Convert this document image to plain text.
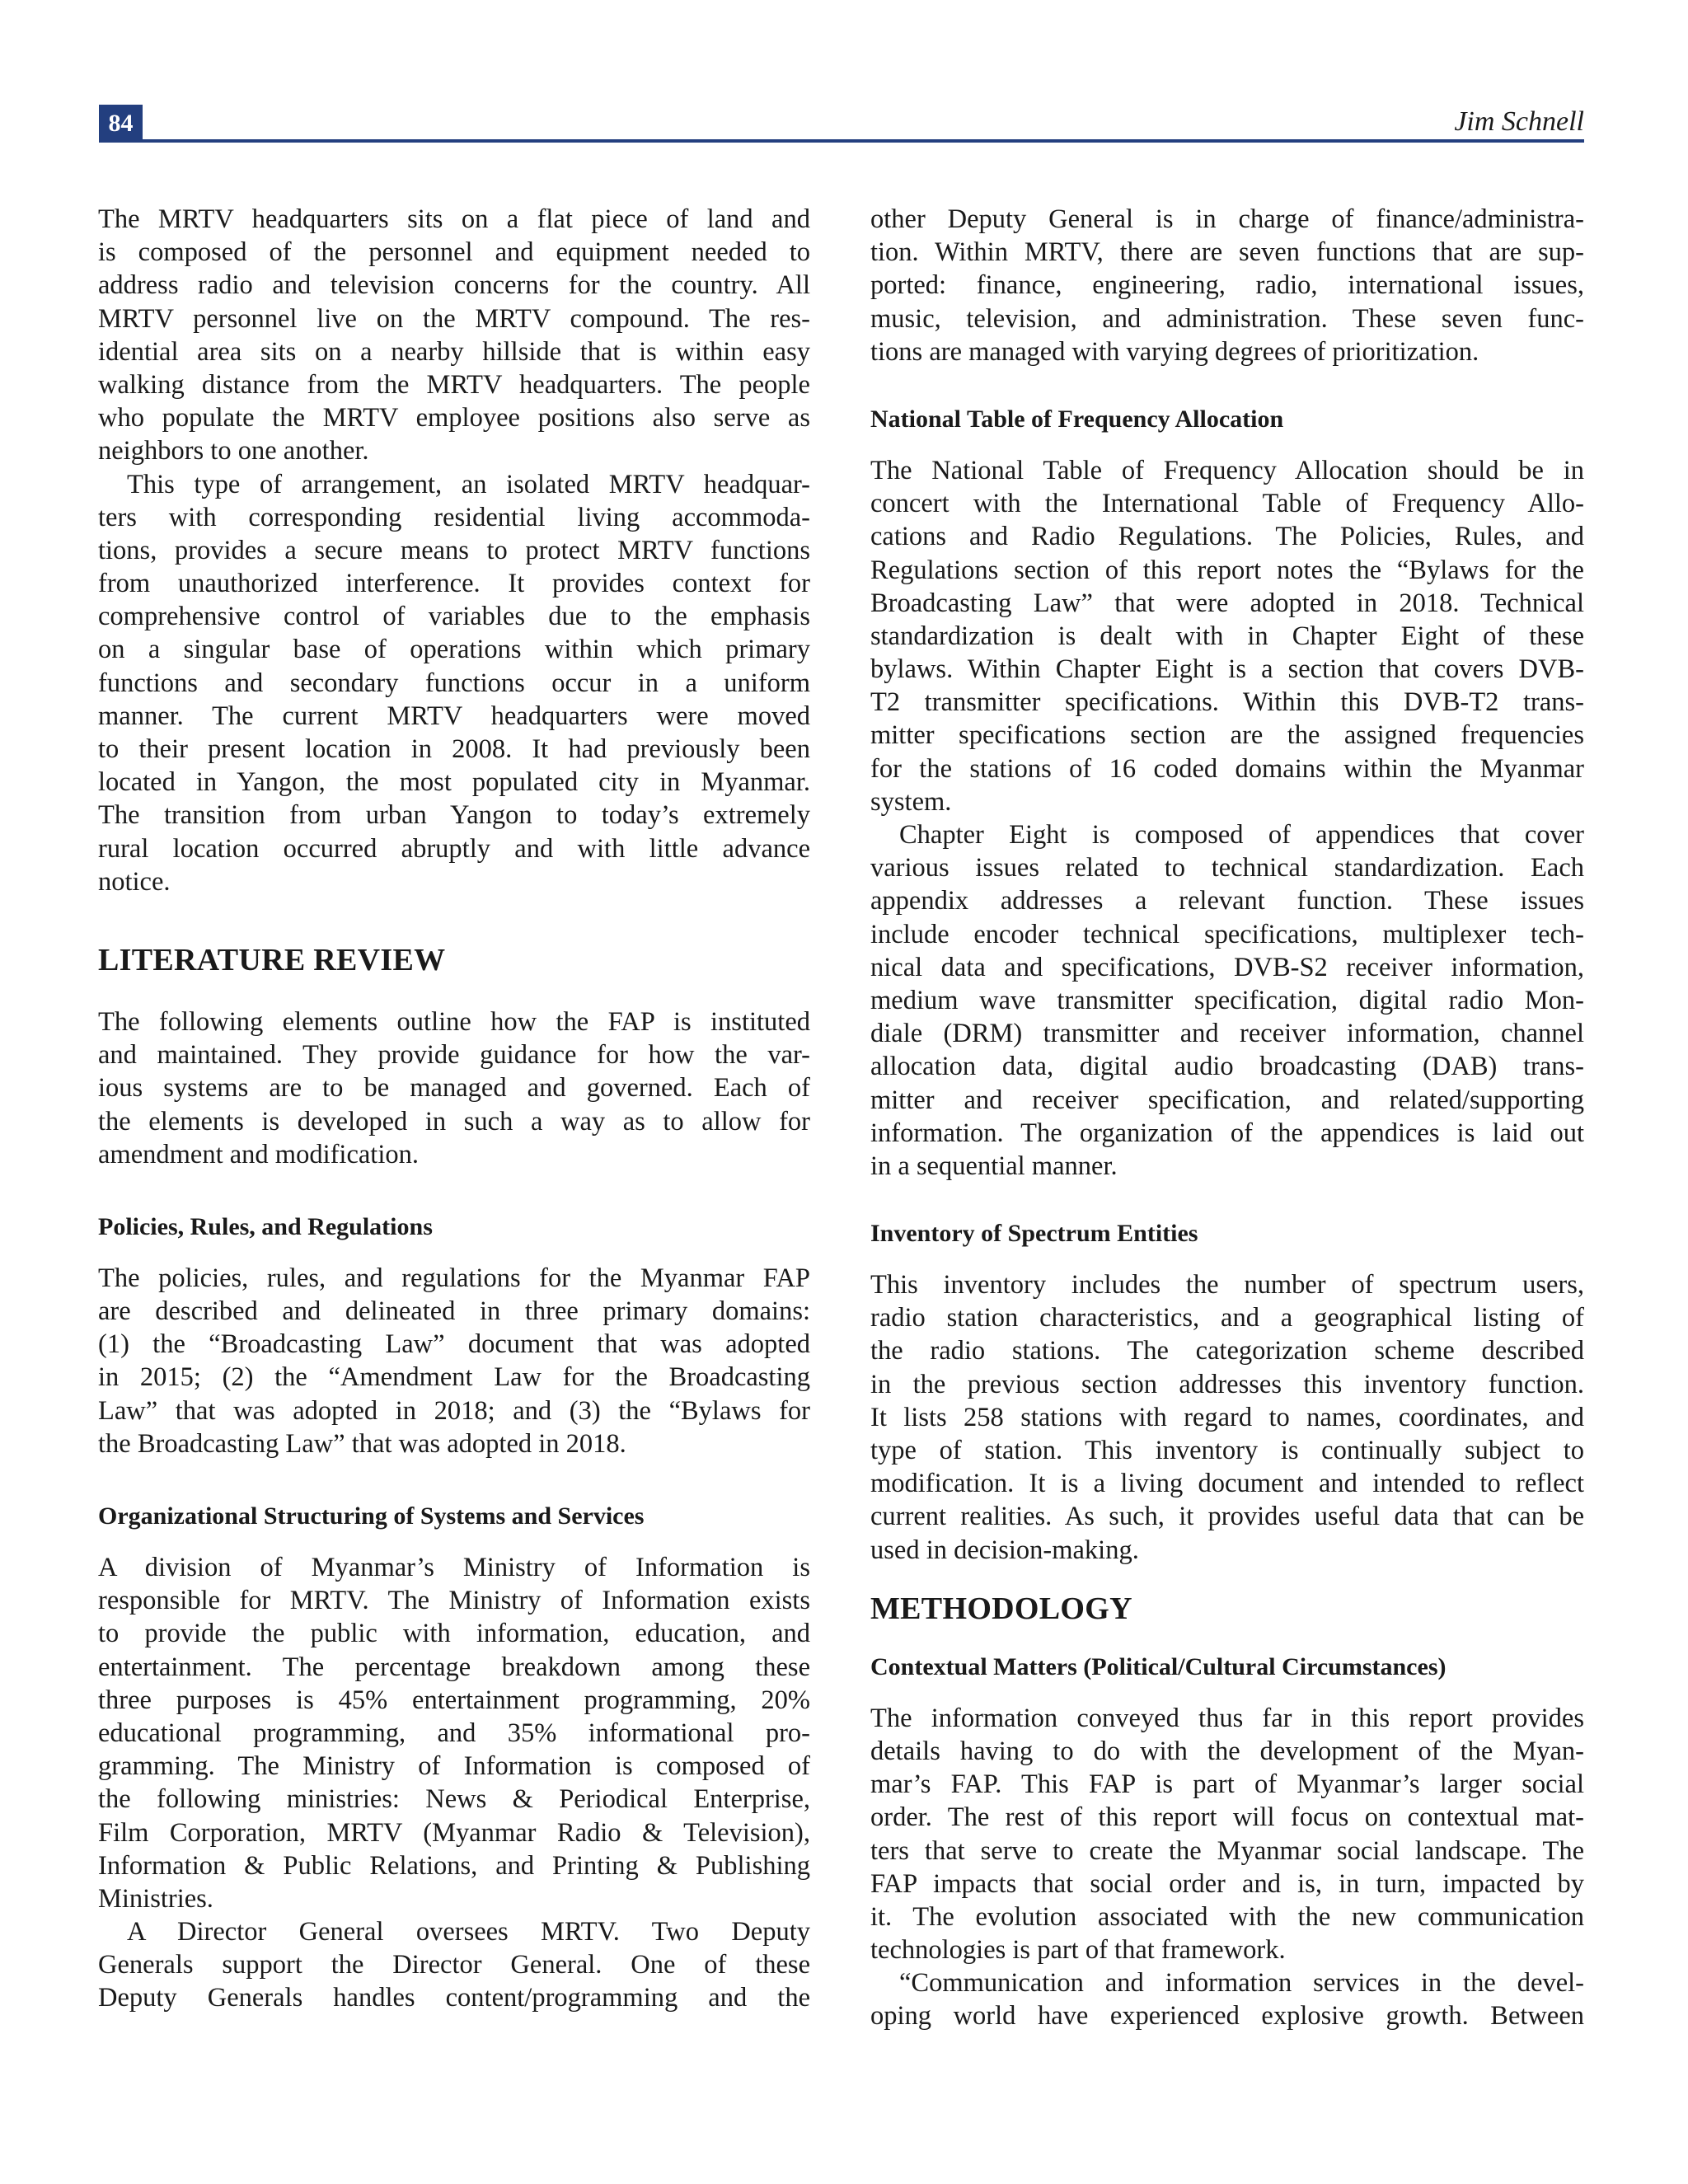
84	Jim Schnell
The MRTV headquarters sits on a flat piece of land and
is composed of the personnel and equipment needed to
address radio and television concerns for the country. All
MRTV personnel live on the MRTV compound. The res-
idential area sits on a nearby hillside that is within easy
walking distance from the MRTV headquarters. The people
who populate the MRTV employee positions also serve as
neighbors to one another.
This type of arrangement, an isolated MRTV headquar-
ters with corresponding residential living accommoda-
tions, provides a secure means to protect MRTV functions
from unauthorized interference. It provides context for
comprehensive control of variables due to the emphasis
on a singular base of operations within which primary
functions and secondary functions occur in a uniform
manner. The current MRTV headquarters were moved
to their present location in 2008. It had previously been
located in Yangon, the most populated city in Myanmar.
The transition from urban Yangon to today’s extremely
rural location occurred abruptly and with little advance
notice.
LITERATURE REVIEW
The following elements outline how the FAP is instituted
and maintained. They provide guidance for how the var-
ious systems are to be managed and governed. Each of
the elements is developed in such a way as to allow for
amendment and modification.
Policies, Rules, and Regulations
The policies, rules, and regulations for the Myanmar FAP
are described and delineated in three primary domains:
(1) the “Broadcasting Law” document that was adopted
in 2015; (2) the “Amendment Law for the Broadcasting
Law” that was adopted in 2018; and (3) the “Bylaws for
the Broadcasting Law” that was adopted in 2018.
Organizational Structuring of Systems and Services
A division of Myanmar’s Ministry of Information is
responsible for MRTV. The Ministry of Information exists
to provide the public with information, education, and
entertainment. The percentage breakdown among these
three purposes is 45% entertainment programming, 20%
educational programming, and 35% informational pro-
gramming. The Ministry of Information is composed of
the following ministries: News & Periodical Enterprise,
Film Corporation, MRTV (Myanmar Radio & Television),
Information & Public Relations, and Printing & Publishing
Ministries.
A Director General oversees MRTV. Two Deputy
Generals support the Director General. One of these
Deputy Generals handles content/programming and the
other Deputy General is in charge of finance/administra-
tion. Within MRTV, there are seven functions that are sup-
ported: finance, engineering, radio, international issues,
music, television, and administration. These seven func-
tions are managed with varying degrees of prioritization.
National Table of Frequency Allocation
The National Table of Frequency Allocation should be in
concert with the International Table of Frequency Allo-
cations and Radio Regulations. The Policies, Rules, and
Regulations section of this report notes the “Bylaws for the
Broadcasting Law” that were adopted in 2018. Technical
standardization is dealt with in Chapter Eight of these
bylaws. Within Chapter Eight is a section that covers DVB-
T2 transmitter specifications. Within this DVB-T2 trans-
mitter specifications section are the assigned frequencies
for the stations of 16 coded domains within the Myanmar
system.
Chapter Eight is composed of appendices that cover
various issues related to technical standardization. Each
appendix addresses a relevant function. These issues
include encoder technical specifications, multiplexer tech-
nical data and specifications, DVB-S2 receiver information,
medium wave transmitter specification, digital radio Mon-
diale (DRM) transmitter and receiver information, channel
allocation data, digital audio broadcasting (DAB) trans-
mitter and receiver specification, and related/supporting
information. The organization of the appendices is laid out
in a sequential manner.
Inventory of Spectrum Entities
This inventory includes the number of spectrum users,
radio station characteristics, and a geographical listing of
the radio stations. The categorization scheme described
in the previous section addresses this inventory function.
It lists 258 stations with regard to names, coordinates, and
type of station. This inventory is continually subject to
modification. It is a living document and intended to reflect
current realities. As such, it provides useful data that can be
used in decision-making.
METHODOLOGY
Contextual Matters (Political/Cultural Circumstances)
The information conveyed thus far in this report provides
details having to do with the development of the Myan-
mar’s FAP. This FAP is part of Myanmar’s larger social
order. The rest of this report will focus on contextual mat-
ters that serve to create the Myanmar social landscape. The
FAP impacts that social order and is, in turn, impacted by
it. The evolution associated with the new communication
technologies is part of that framework.
“Communication and information services in the devel-
oping world have experienced explosive growth. Between
